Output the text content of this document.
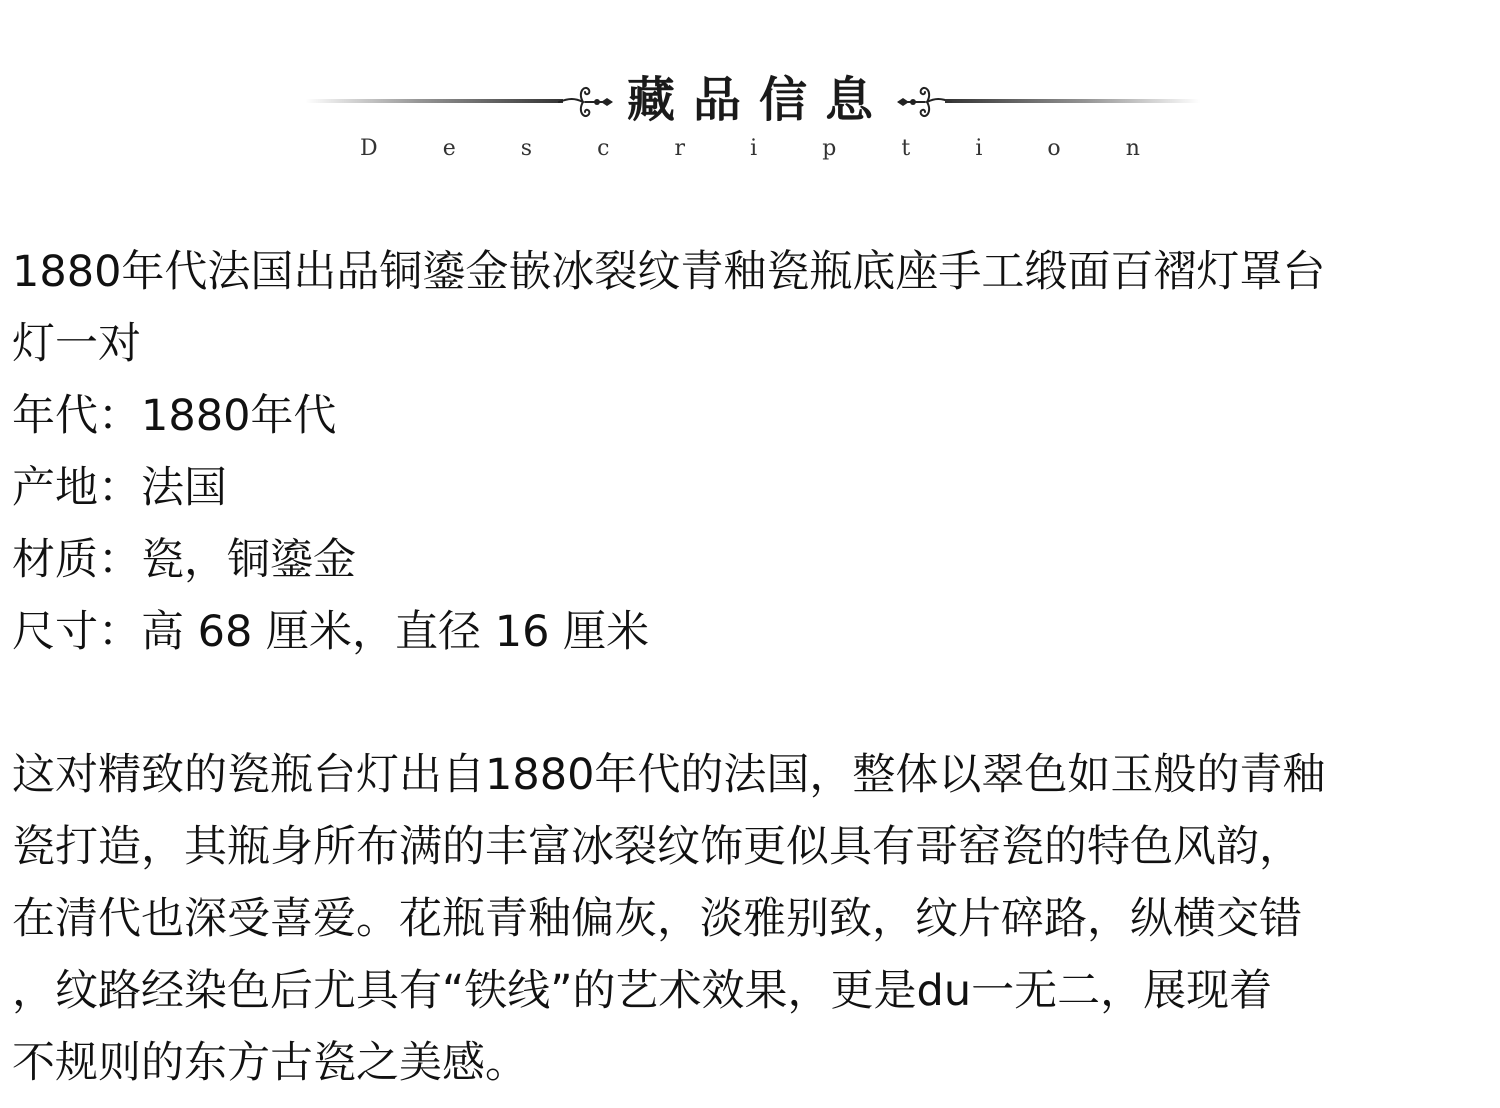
藏品信息
D	e	s	c	r	i	p	t	i	o	n

1880年代法国出品铜鎏金嵌冰裂纹青釉瓷瓶底座手工缎面百褶灯罩台

灯一对

年代：1880年代

产地：法国

材质：瓷，铜鎏金

尺寸：高 68 厘米，直径 16 厘米

这对精致的瓷瓶台灯出自1880年代的法国，整体以翠色如玉般的青釉

瓷打造，其瓶身所布满的丰富冰裂纹饰更似具有哥窑瓷的特色风韵，

在清代也深受喜爱。花瓶青釉偏灰，淡雅别致，纹片碎路，纵横交错

，纹路经染色后尤具有“铁线”的艺术效果，更是du一无二，展现着

不规则的东方古瓷之美感。
